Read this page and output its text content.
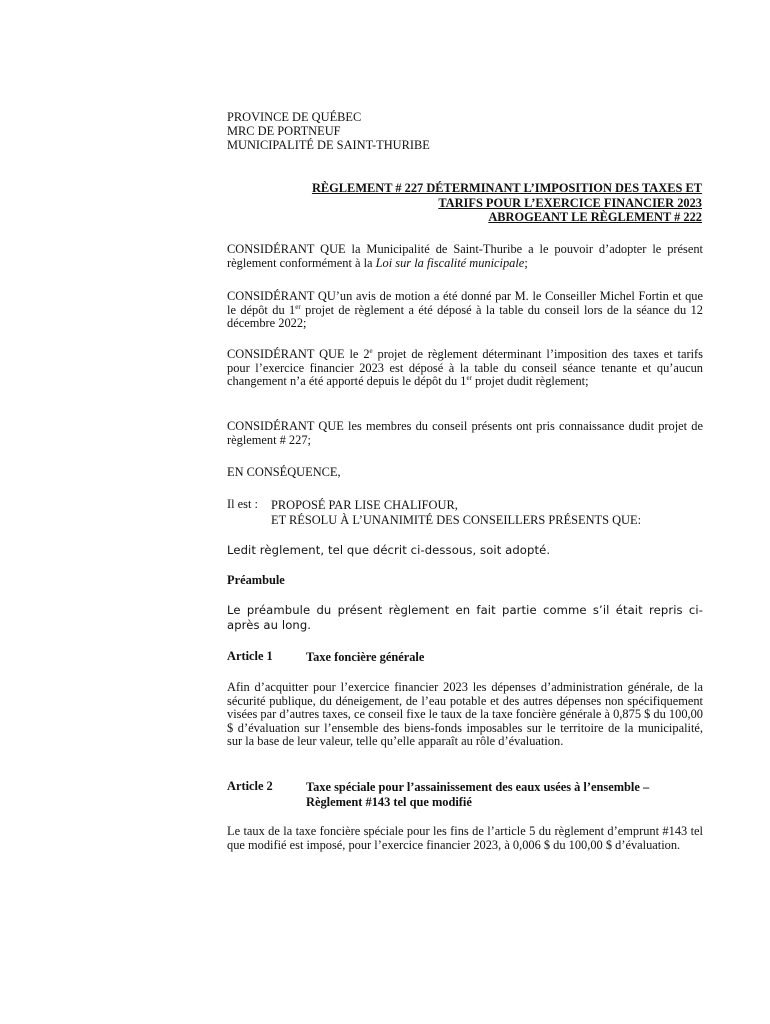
PROVINCE DE QUÉBEC
MRC DE PORTNEUF
MUNICIPALITÉ DE SAINT-THURIBE
RÈGLEMENT # 227 DÉTERMINANT L’IMPOSITION DES TAXES ET
TARIFS POUR L’EXERCICE FINANCIER 2023
ABROGEANT LE RÈGLEMENT # 222
CONSIDÉRANT QUE la Municipalité de Saint-Thuribe a le pouvoir d’adopter le présent règlement conformément à la Loi sur la fiscalité municipale;
CONSIDÉRANT QU’un avis de motion a été donné par M. le Conseiller Michel Fortin et que le dépôt du 1er projet de règlement a été déposé à la table du conseil lors de la séance du 12 décembre 2022;
CONSIDÉRANT QUE le 2e projet de règlement déterminant l’imposition des taxes et tarifs pour l’exercice financier 2023 est déposé à la table du conseil séance tenante et qu’aucun changement n’a été apporté depuis le dépôt du 1er projet dudit règlement;
CONSIDÉRANT QUE les membres du conseil présents ont pris connaissance dudit projet de règlement # 227;
EN CONSÉQUENCE,
Il est : PROPOSÉ PAR LISE CHALIFOUR,
ET RÉSOLU À L’UNANIMITÉ DES CONSEILLERS PRÉSENTS QUE:
Ledit règlement, tel que décrit ci-dessous, soit adopté.
Préambule
Le préambule du présent règlement en fait partie comme s’il était repris ci-après au long.
Article 1	Taxe foncière générale
Afin d’acquitter pour l’exercice financier 2023 les dépenses d’administration générale, de la sécurité publique, du déneigement, de l’eau potable et des autres dépenses non spécifiquement visées par d’autres taxes, ce conseil fixe le taux de la taxe foncière générale à 0,875 $ du 100,00 $ d’évaluation sur l’ensemble des biens-fonds imposables sur le territoire de la municipalité, sur la base de leur valeur, telle qu’elle apparaît au rôle d’évaluation.
Article 2	Taxe spéciale pour l’assainissement des eaux usées à l’ensemble – Règlement #143 tel que modifié
Le taux de la taxe foncière spéciale pour les fins de l’article 5 du règlement d’emprunt #143 tel que modifié est imposé, pour l’exercice financier 2023, à 0,006 $ du 100,00 $ d’évaluation.
